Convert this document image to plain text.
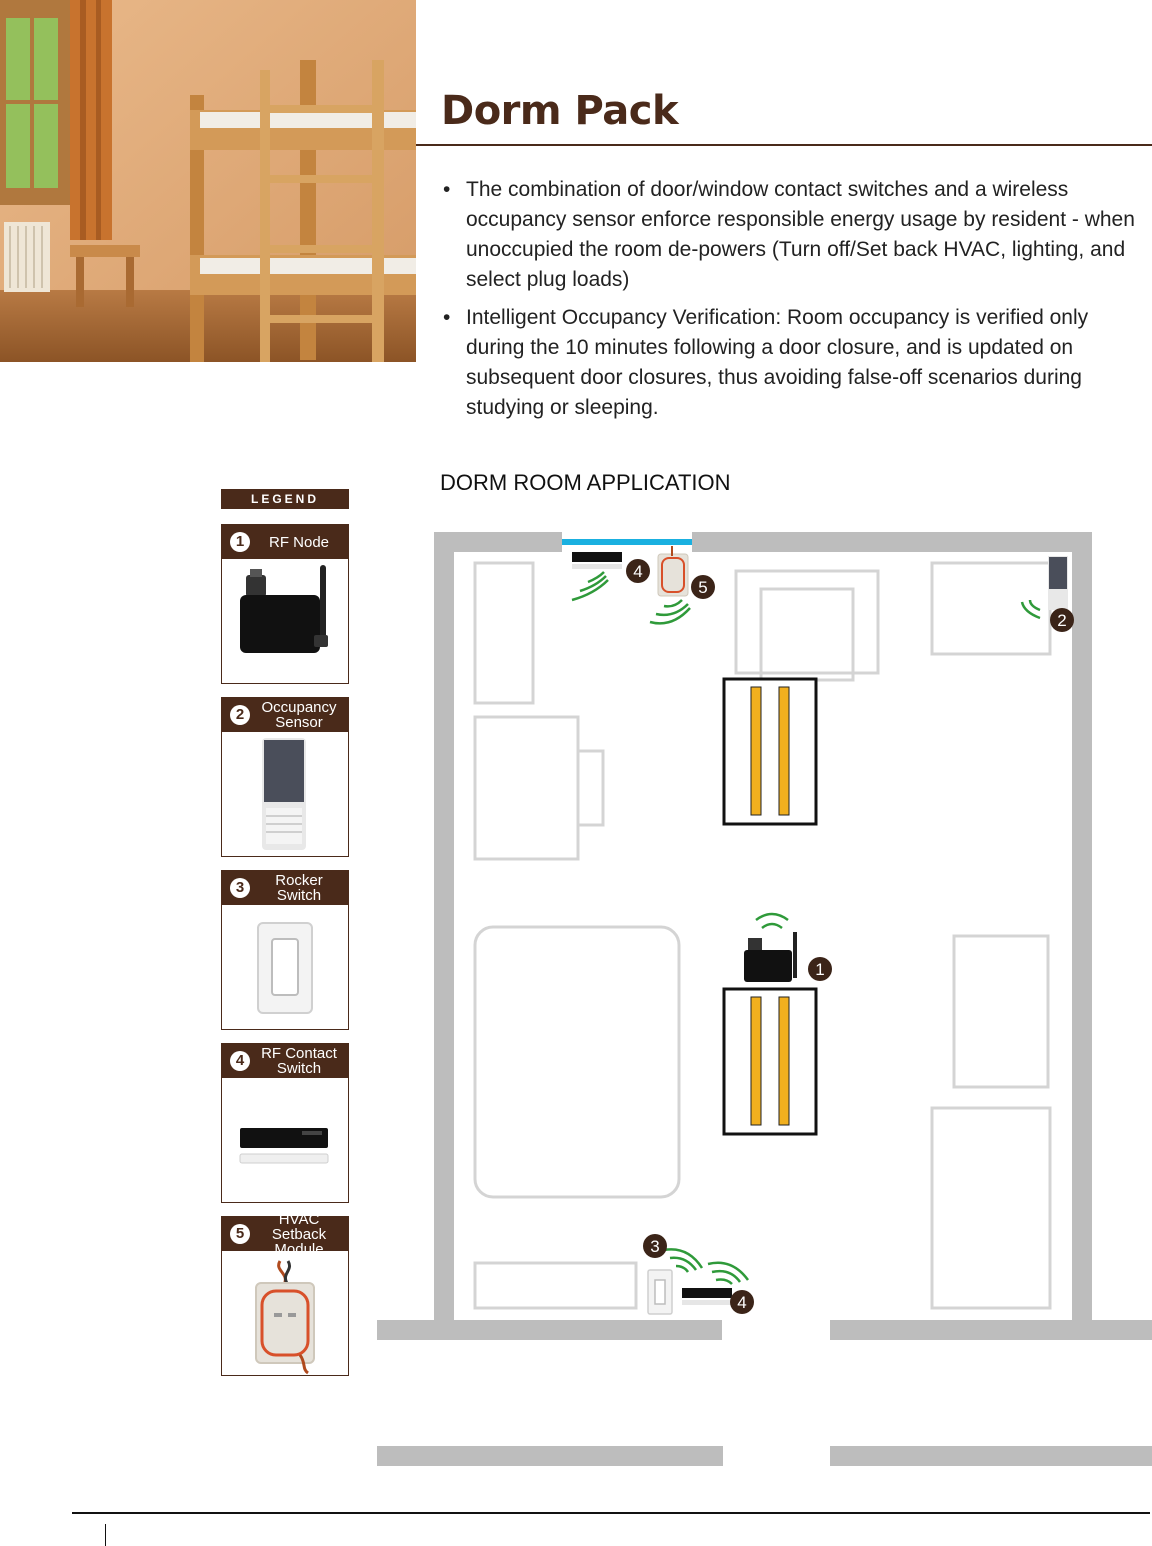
Dorm Pack
• The combination of door/window contact switches and a wireless occupancy sensor enforce responsible energy usage by resident - when unoccupied the room de-powers (Turn off/Set back HVAC, lighting, and select plug loads)
• Intelligent Occupancy Verification: Room occupancy is verified only during the 10 minutes following a door closure, and is updated on subsequent door closures, thus avoiding false-off scenarios during studying or sleeping.
DORM ROOM APPLICATION
LEGEND
1	RF Node
2	Occupancy
Sensor
3	Rocker
Switch
4	RF Contact
Switch
5
HVAC Setback
Module
4
5
2
1
3
4
